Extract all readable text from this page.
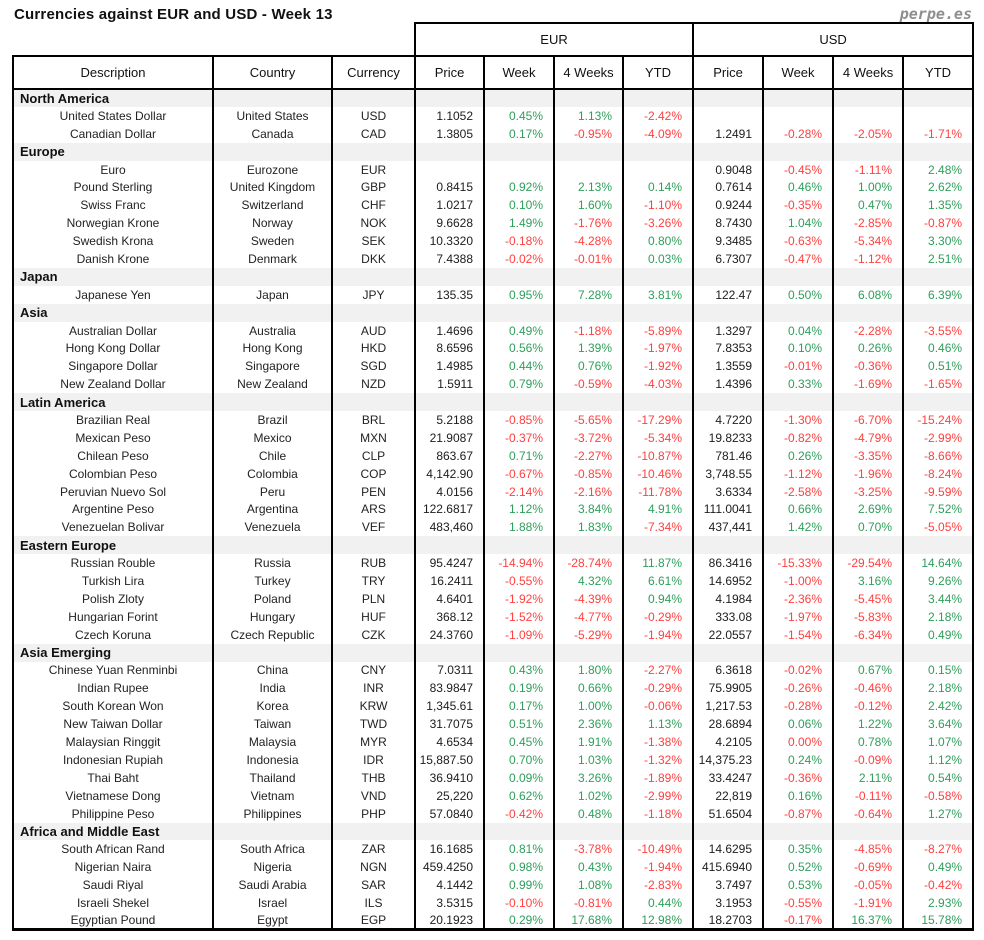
Currencies against EUR and USD - Week 13	perpe.es
			EUR				USD			
Description	Country	Currency	Price	Week	4 Weeks	YTD	Price	Week	4 Weeks	YTD
North America										
United States Dollar	United States	USD	1.1052	0.45%	1.13%	-2.42%				
Canadian Dollar	Canada	CAD	1.3805	0.17%	-0.95%	-4.09%	1.2491	-0.28%	-2.05%	-1.71%
Europe										
Euro	Eurozone	EUR					0.9048	-0.45%	-1.11%	2.48%
Pound Sterling	United Kingdom	GBP	0.8415	0.92%	2.13%	0.14%	0.7614	0.46%	1.00%	2.62%
Swiss Franc	Switzerland	CHF	1.0217	0.10%	1.60%	-1.10%	0.9244	-0.35%	0.47%	1.35%
Norwegian Krone	Norway	NOK	9.6628	1.49%	-1.76%	-3.26%	8.7430	1.04%	-2.85%	-0.87%
Swedish Krona	Sweden	SEK	10.3320	-0.18%	-4.28%	0.80%	9.3485	-0.63%	-5.34%	3.30%
Danish Krone	Denmark	DKK	7.4388	-0.02%	-0.01%	0.03%	6.7307	-0.47%	-1.12%	2.51%
Japan										
Japanese Yen	Japan	JPY	135.35	0.95%	7.28%	3.81%	122.47	0.50%	6.08%	6.39%
Asia										
Australian Dollar	Australia	AUD	1.4696	0.49%	-1.18%	-5.89%	1.3297	0.04%	-2.28%	-3.55%
Hong Kong Dollar	Hong Kong	HKD	8.6596	0.56%	1.39%	-1.97%	7.8353	0.10%	0.26%	0.46%
Singapore Dollar	Singapore	SGD	1.4985	0.44%	0.76%	-1.92%	1.3559	-0.01%	-0.36%	0.51%
New Zealand Dollar	New Zealand	NZD	1.5911	0.79%	-0.59%	-4.03%	1.4396	0.33%	-1.69%	-1.65%
Latin America										
Brazilian Real	Brazil	BRL	5.2188	-0.85%	-5.65%	-17.29%	4.7220	-1.30%	-6.70%	-15.24%
Mexican Peso	Mexico	MXN	21.9087	-0.37%	-3.72%	-5.34%	19.8233	-0.82%	-4.79%	-2.99%
Chilean Peso	Chile	CLP	863.67	0.71%	-2.27%	-10.87%	781.46	0.26%	-3.35%	-8.66%
Colombian Peso	Colombia	COP	4,142.90	-0.67%	-0.85%	-10.46%	3,748.55	-1.12%	-1.96%	-8.24%
Peruvian Nuevo Sol	Peru	PEN	4.0156	-2.14%	-2.16%	-11.78%	3.6334	-2.58%	-3.25%	-9.59%
Argentine Peso	Argentina	ARS	122.6817	1.12%	3.84%	4.91%	111.0041	0.66%	2.69%	7.52%
Venezuelan Bolivar	Venezuela	VEF	483,460	1.88%	1.83%	-7.34%	437,441	1.42%	0.70%	-5.05%
Eastern Europe										
Russian Rouble	Russia	RUB	95.4247	-14.94%	-28.74%	11.87%	86.3416	-15.33%	-29.54%	14.64%
Turkish Lira	Turkey	TRY	16.2411	-0.55%	4.32%	6.61%	14.6952	-1.00%	3.16%	9.26%
Polish Zloty	Poland	PLN	4.6401	-1.92%	-4.39%	0.94%	4.1984	-2.36%	-5.45%	3.44%
Hungarian Forint	Hungary	HUF	368.12	-1.52%	-4.77%	-0.29%	333.08	-1.97%	-5.83%	2.18%
Czech Koruna	Czech Republic	CZK	24.3760	-1.09%	-5.29%	-1.94%	22.0557	-1.54%	-6.34%	0.49%
Asia Emerging										
Chinese Yuan Renminbi	China	CNY	7.0311	0.43%	1.80%	-2.27%	6.3618	-0.02%	0.67%	0.15%
Indian Rupee	India	INR	83.9847	0.19%	0.66%	-0.29%	75.9905	-0.26%	-0.46%	2.18%
South Korean Won	Korea	KRW	1,345.61	0.17%	1.00%	-0.06%	1,217.53	-0.28%	-0.12%	2.42%
New Taiwan Dollar	Taiwan	TWD	31.7075	0.51%	2.36%	1.13%	28.6894	0.06%	1.22%	3.64%
Malaysian Ringgit	Malaysia	MYR	4.6534	0.45%	1.91%	-1.38%	4.2105	0.00%	0.78%	1.07%
Indonesian Rupiah	Indonesia	IDR	15,887.50	0.70%	1.03%	-1.32%	14,375.23	0.24%	-0.09%	1.12%
Thai Baht	Thailand	THB	36.9410	0.09%	3.26%	-1.89%	33.4247	-0.36%	2.11%	0.54%
Vietnamese Dong	Vietnam	VND	25,220	0.62%	1.02%	-2.99%	22,819	0.16%	-0.11%	-0.58%
Philippine Peso	Philippines	PHP	57.0840	-0.42%	0.48%	-1.18%	51.6504	-0.87%	-0.64%	1.27%
Africa and Middle East										
South African Rand	South Africa	ZAR	16.1685	0.81%	-3.78%	-10.49%	14.6295	0.35%	-4.85%	-8.27%
Nigerian Naira	Nigeria	NGN	459.4250	0.98%	0.43%	-1.94%	415.6940	0.52%	-0.69%	0.49%
Saudi Riyal	Saudi Arabia	SAR	4.1442	0.99%	1.08%	-2.83%	3.7497	0.53%	-0.05%	-0.42%
Israeli Shekel	Israel	ILS	3.5315	-0.10%	-0.81%	0.44%	3.1953	-0.55%	-1.91%	2.93%
Egyptian Pound	Egypt	EGP	20.1923	0.29%	17.68%	12.98%	18.2703	-0.17%	16.37%	15.78%
